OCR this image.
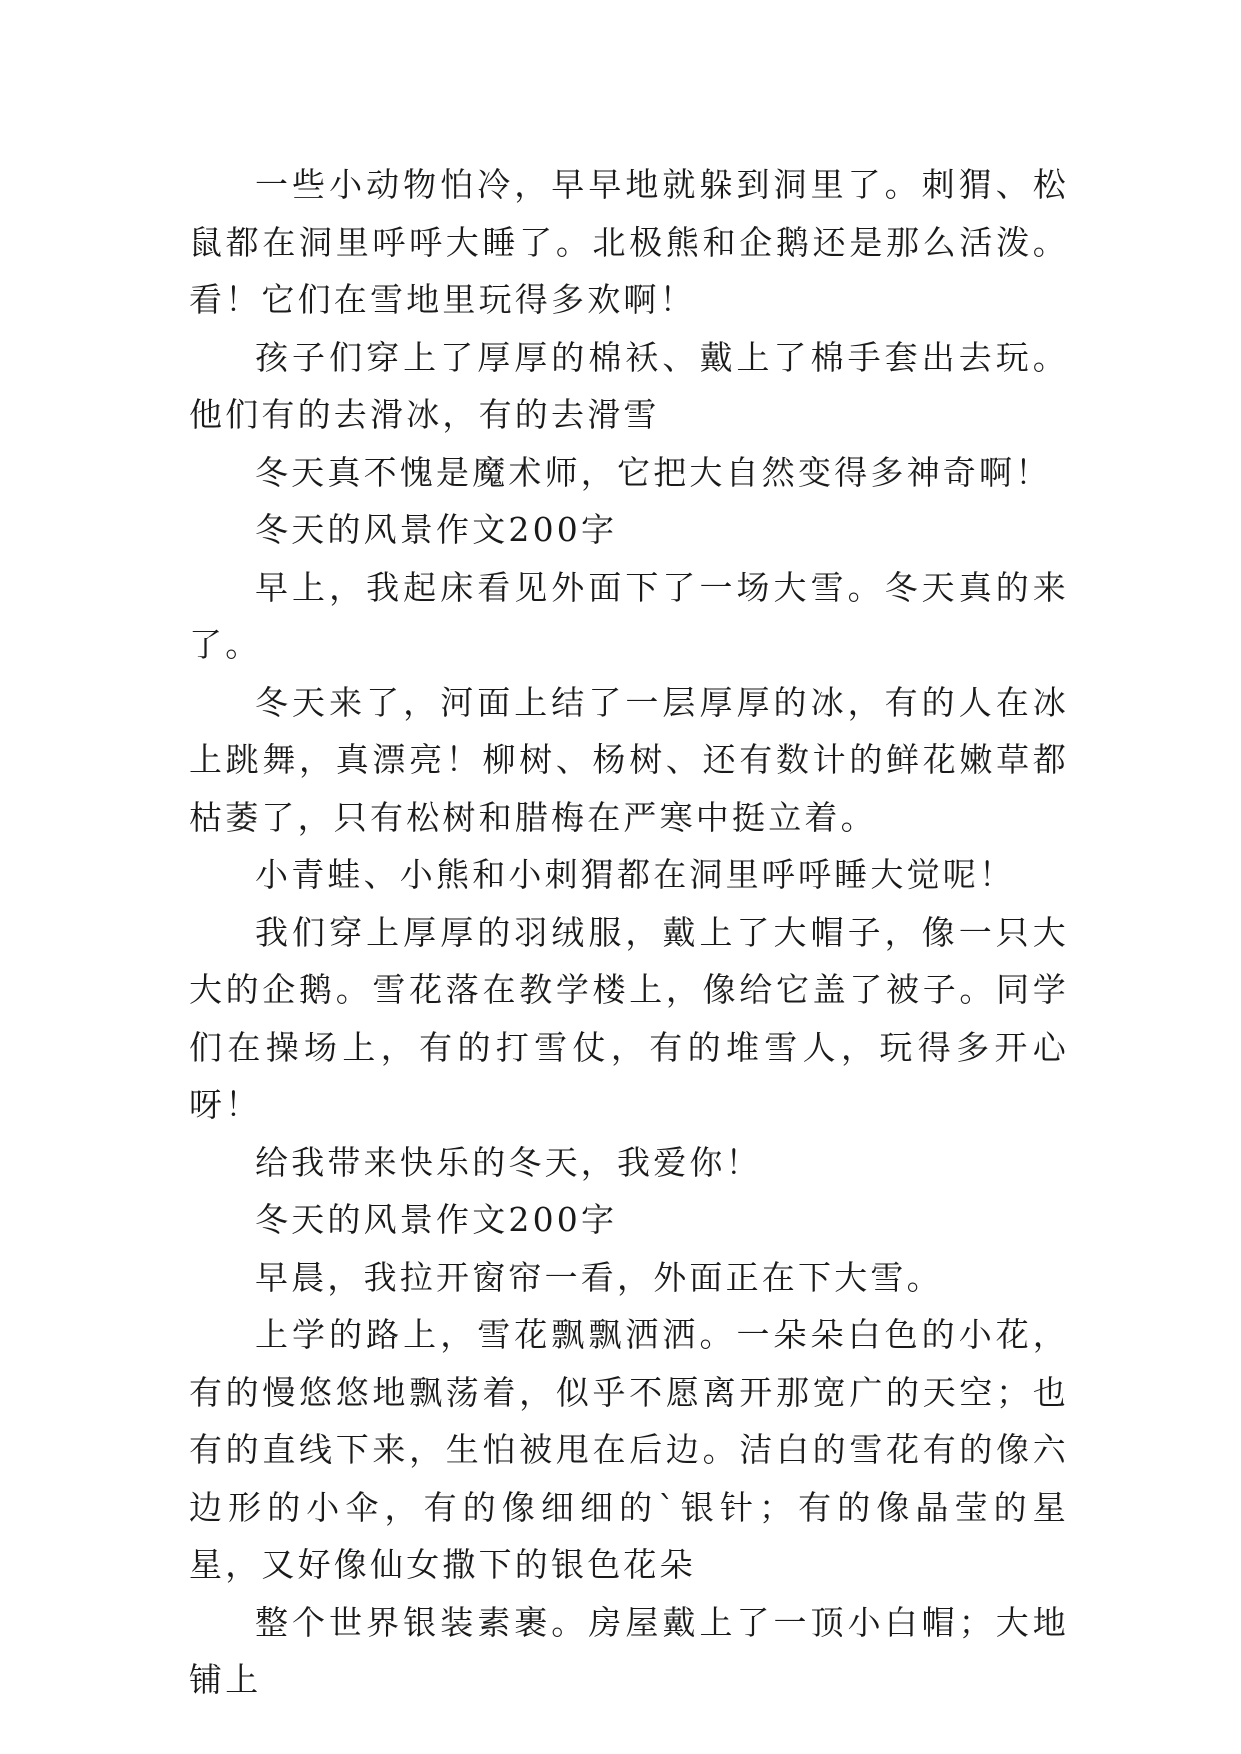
一些小动物怕冷，早早地就躲到洞里了。刺猬、松鼠都在洞里呼呼大睡了。北极熊和企鹅还是那么活泼。看！它们在雪地里玩得多欢啊！

孩子们穿上了厚厚的棉袄、戴上了棉手套出去玩。他们有的去滑冰，有的去滑雪

冬天真不愧是魔术师，它把大自然变得多神奇啊！

冬天的风景作文200字

早上，我起床看见外面下了一场大雪。冬天真的来了。

冬天来了，河面上结了一层厚厚的冰，有的人在冰上跳舞，真漂亮！柳树、杨树、还有数计的鲜花嫩草都枯萎了，只有松树和腊梅在严寒中挺立着。

小青蛙、小熊和小刺猬都在洞里呼呼睡大觉呢！

我们穿上厚厚的羽绒服，戴上了大帽子，像一只大大的企鹅。雪花落在教学楼上，像给它盖了被子。同学们在操场上，有的打雪仗，有的堆雪人，玩得多开心呀！

给我带来快乐的冬天，我爱你！

冬天的风景作文200字

早晨，我拉开窗帘一看，外面正在下大雪。

上学的路上，雪花飘飘洒洒。一朵朵白色的小花，有的慢悠悠地飘荡着，似乎不愿离开那宽广的天空；也有的直线下来，生怕被甩在后边。洁白的雪花有的像六边形的小伞，有的像细细的`银针；有的像晶莹的星星，又好像仙女撒下的银色花朵

整个世界银装素裹。房屋戴上了一顶小白帽；大地铺上
